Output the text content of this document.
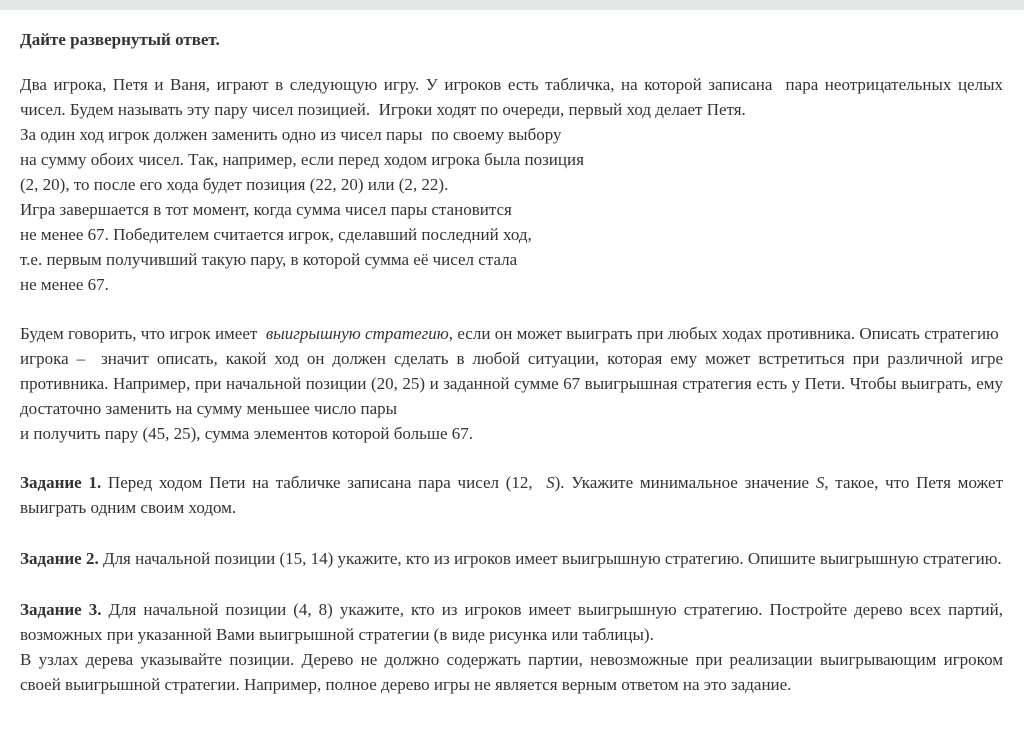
Дайте развернутый ответ.

Два игрока, Петя и Ваня, играют в следующую игру. У игроков есть табличка, на которой записана  пара неотрицательных целых чисел. Будем называть эту пару чисел позицией.  Игроки ходят по очереди, первый ход делает Петя.
За один ход игрок должен заменить одно из чисел пары  по своему выбору
на сумму обоих чисел. Так, например, если перед ходом игрока была позиция
(2, 20), то после его хода будет позиция (22, 20) или (2, 22).
Игра завершается в тот момент, когда сумма чисел пары становится
не менее 67. Победителем считается игрок, сделавший последний ход,
т.е. первым получивший такую пару, в которой сумма её чисел стала
не менее 67.

Будем говорить, что игрок имеет  выигрышную стратегию, если он может выиграть при любых ходах противника. Описать стратегию  игрока –  значит описать, какой ход он должен сделать в любой ситуации, которая ему может встретиться при различной игре противника. Например, при начальной позиции (20, 25) и заданной сумме 67 выигрышная стратегия есть у Пети. Чтобы выиграть, ему достаточно заменить на сумму меньшее число пары
и получить пару (45, 25), сумма элементов которой больше 67.

Задание 1. Перед ходом Пети на табличке записана пара чисел (12,  S). Укажите минимальное значение S, такое, что Петя может выиграть одним своим ходом.

Задание 2. Для начальной позиции (15, 14) укажите, кто из игроков имеет выигрышную стратегию. Опишите выигрышную стратегию.

Задание 3. Для начальной позиции (4, 8) укажите, кто из игроков имеет выигрышную стратегию. Постройте дерево всех партий, возможных при указанной Вами выигрышной стратегии (в виде рисунка или таблицы).
В узлах дерева указывайте позиции. Дерево не должно содержать партии, невозможные при реализации выигрывающим игроком своей выигрышной стратегии. Например, полное дерево игры не является верным ответом на это задание.
